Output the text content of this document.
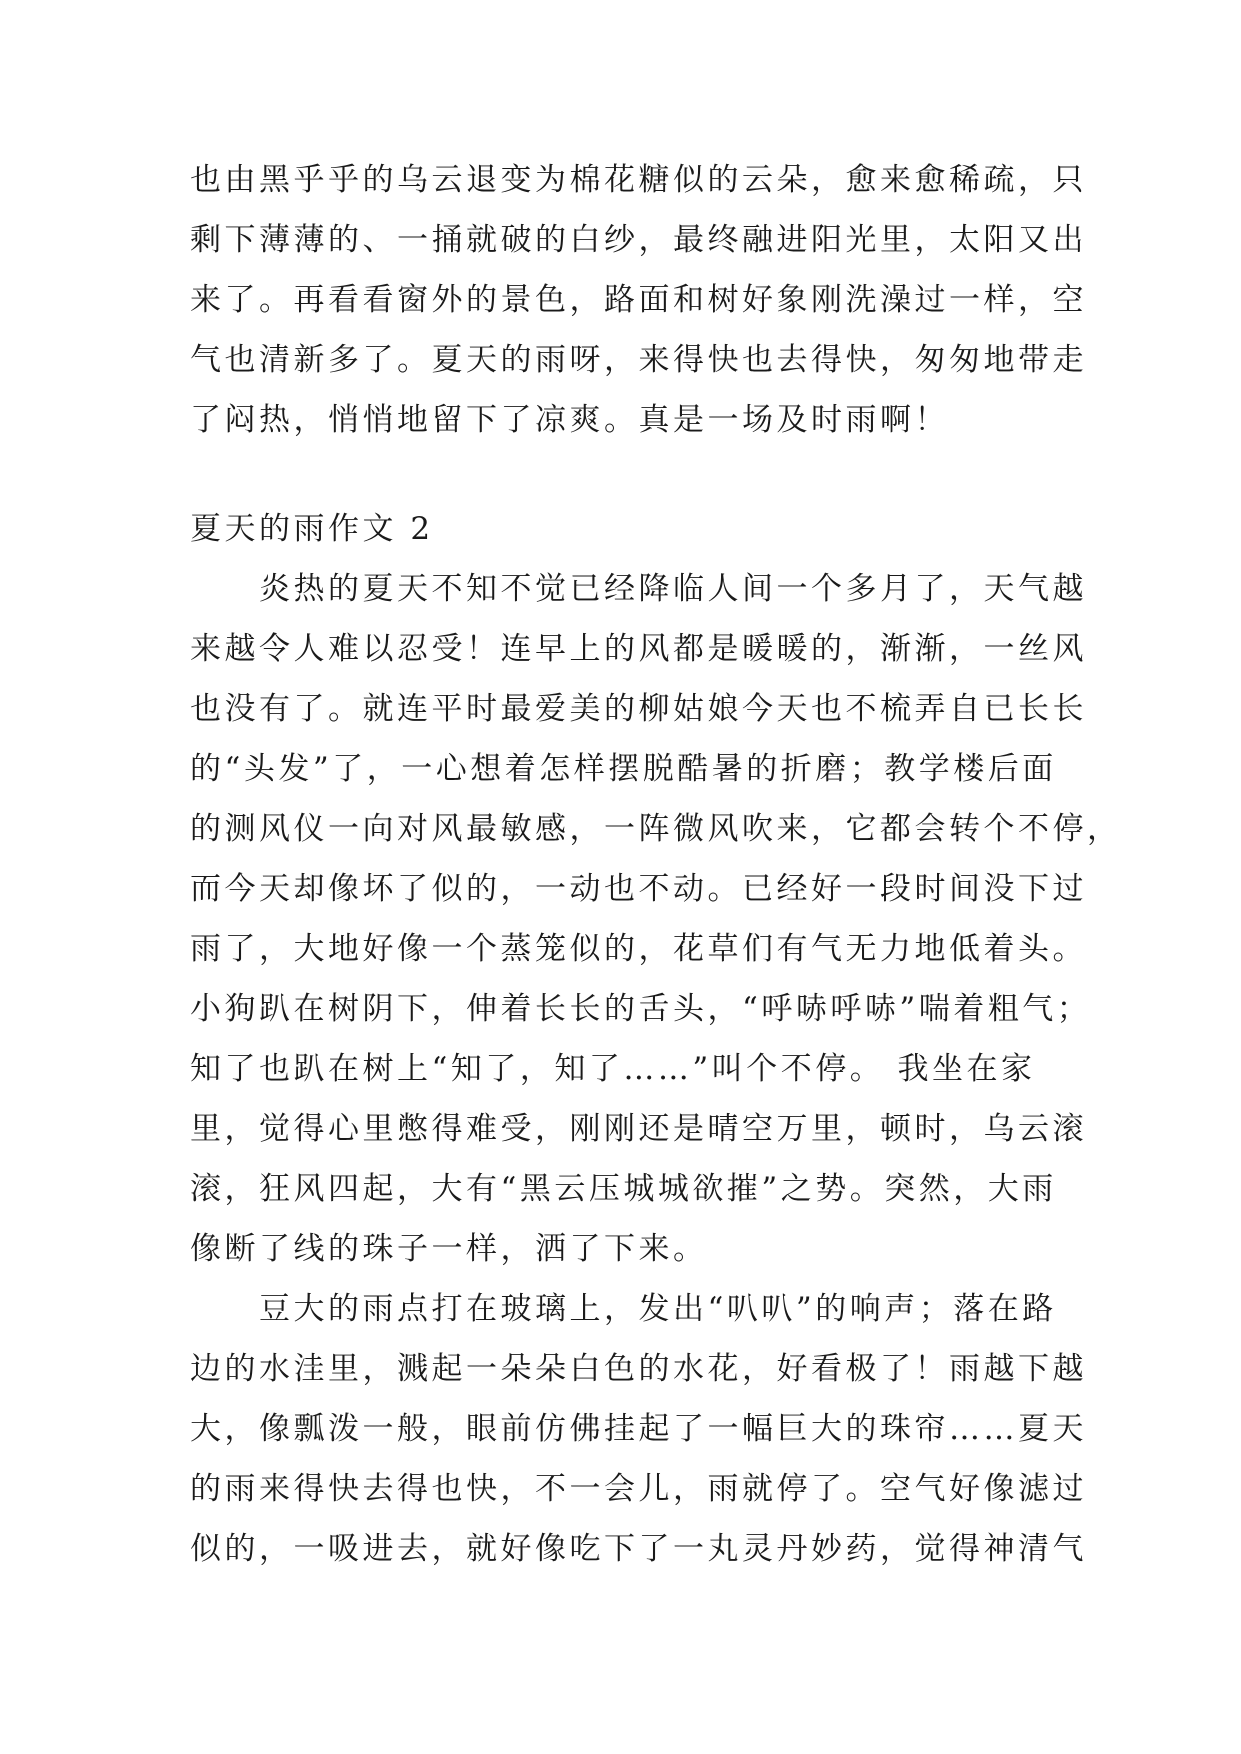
也由黑乎乎的乌云退变为棉花糖似的云朵，愈来愈稀疏，只
剩下薄薄的、一捅就破的白纱，最终融进阳光里，太阳又出
来了。再看看窗外的景色，路面和树好象刚洗澡过一样，空
气也清新多了。夏天的雨呀，来得快也去得快，匆匆地带走
了闷热，悄悄地留下了凉爽。真是一场及时雨啊！
夏天的雨作文 2
　　炎热的夏天不知不觉已经降临人间一个多月了，天气越
来越令人难以忍受！连早上的风都是暖暖的，渐渐，一丝风
也没有了。就连平时最爱美的柳姑娘今天也不梳弄自已长长
的“头发”了，一心想着怎样摆脱酷暑的折磨；教学楼后面
的测风仪一向对风最敏感，一阵微风吹来，它都会转个不停，
而今天却像坏了似的，一动也不动。已经好一段时间没下过
雨了，大地好像一个蒸笼似的，花草们有气无力地低着头。
小狗趴在树阴下，伸着长长的舌头，“呼哧呼哧”喘着粗气；
知了也趴在树上“知了，知了……”叫个不停。 我坐在家
里，觉得心里憋得难受，刚刚还是晴空万里，顿时，乌云滚
滚，狂风四起，大有“黑云压城城欲摧”之势。突然，大雨
像断了线的珠子一样，洒了下来。
　　豆大的雨点打在玻璃上，发出“叭叭”的响声；落在路
边的水洼里，溅起一朵朵白色的水花，好看极了！雨越下越
大，像瓢泼一般，眼前仿佛挂起了一幅巨大的珠帘……夏天
的雨来得快去得也快，不一会儿，雨就停了。空气好像滤过
似的，一吸进去，就好像吃下了一丸灵丹妙药，觉得神清气
